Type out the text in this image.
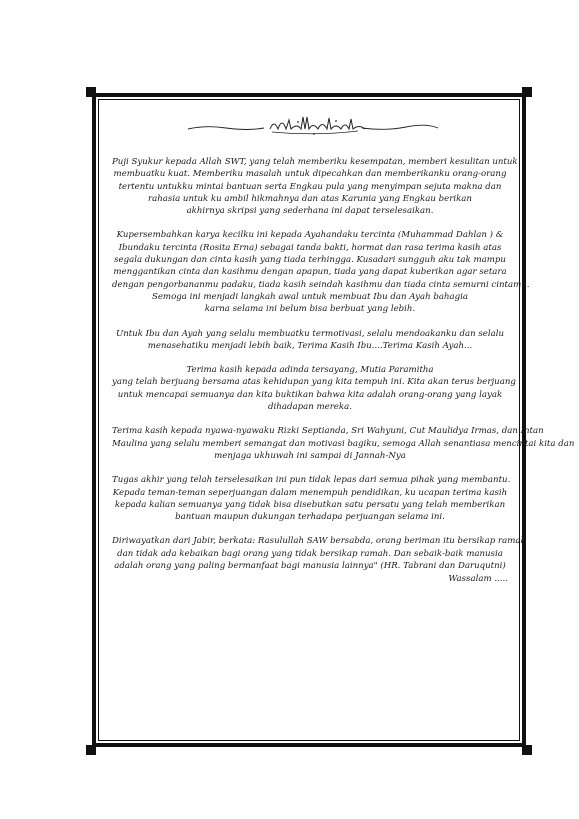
Puji Syukur kepada Allah SWT, yang telah memberiku kesempatan, memberi kesulitan untuk
membuatku kuat. Memberiku masalah untuk dipecahkan dan memberikanku orang-orang
tertentu untukku mintai bantuan serta Engkau pula yang menyimpan sejuta makna dan
rahasia untuk ku ambil hikmahnya dan atas Karunia yang Engkau berikan
akhirnya skripsi yang sederhana ini dapat terselesaikan.
Kupersembahkan karya kecilku ini kepada Ayahandaku tercinta (Muhammad Dahlan ) &
Ibundaku tercinta (Rosita Erna) sebagai tanda bakti, hormat dan rasa terima kasih atas
segala dukungan dan cinta kasih yang tiada terhingga. Kusadari sungguh aku tak mampu
menggantikan cinta dan kasihmu dengan apapun, tiada yang dapat kuberikan agar setara
dengan pengorbananmu padaku, tiada kasih seindah kasihmu dan tiada cinta semurni cintamu.
Semoga ini menjadi langkah awal untuk membuat Ibu dan Ayah bahagia
karna selama ini belum bisa berbuat yang lebih.
Untuk Ibu dan Ayah yang selalu membuatku termotivasi, selalu mendoakanku dan selalu
menasehatiku menjadi lebih baik, Terima Kasih Ibu....Terima Kasih Ayah...
Terima kasih kepada adinda tersayang, Mutia Paramitha
yang telah berjuang bersama atas kehidupan yang kita tempuh ini. Kita akan terus berjuang
untuk mencapai semuanya dan kita buktikan bahwa kita adalah orang-orang yang layak
dihadapan mereka.
Terima kasih kepada nyawa-nyawaku Rizki Septianda, Sri Wahyuni, Cut Maulidya Irmas, dan Intan
Maulina yang selalu memberi semangat dan motivasi bagiku, semoga Allah senantiasa mencintai kita dan
menjaga ukhuwah ini sampai di Jannah-Nya
Tugas akhir yang telah terselesaikan ini pun tidak lepas dari semua pihak yang membantu.
Kepada teman-teman seperjuangan dalam menempuh pendidikan, ku ucapan terima kasih
kepada kalian semuanya yang tidak bisa disebutkan satu persatu yang telah memberikan
bantuan maupun dukungan terhadapa perjuangan selama ini.
Diriwayatkan dari Jabir, berkata: Rasulullah SAW bersabda, orang beriman itu bersikap ramah
dan tidak ada kebaikan bagi orang yang tidak bersikap ramah. Dan sebaik-baik manusia
adalah orang yang paling bermanfaat bagi manusia lainnya" (HR. Tabrani dan Daruqutni)
Wassalam .....
